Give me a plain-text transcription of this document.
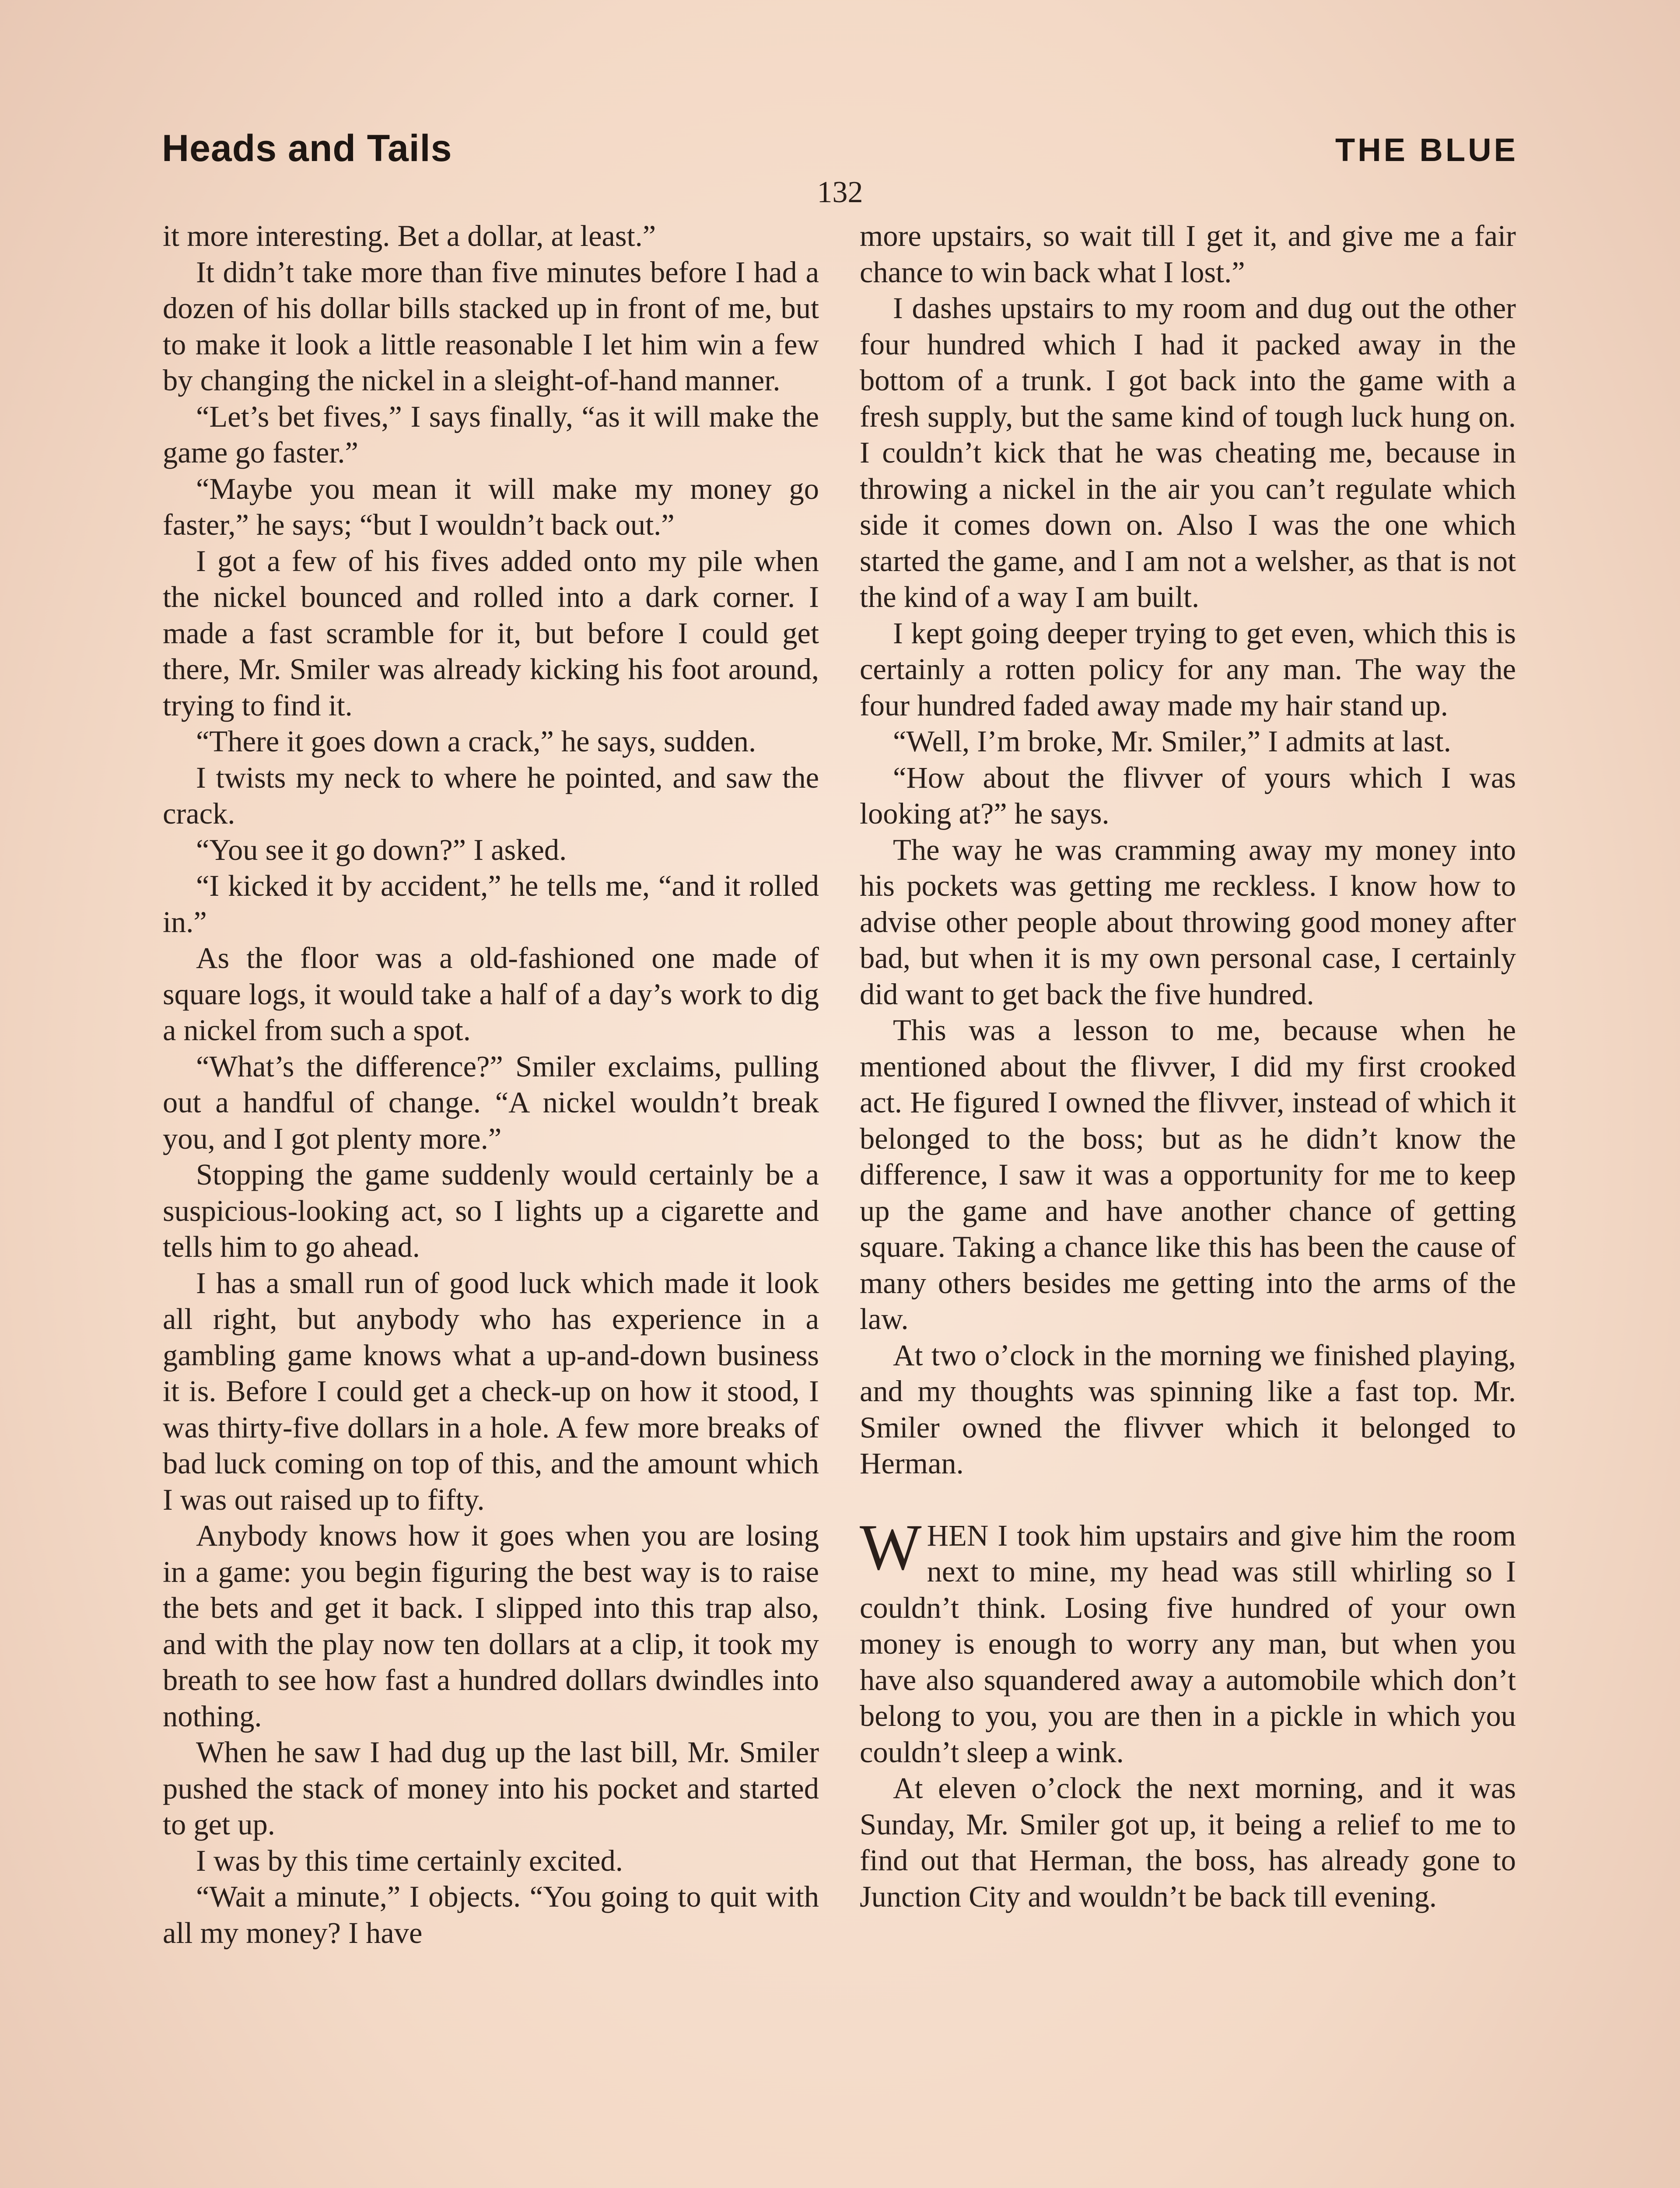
Heads and Tails	THE BLUE
132

it more interesting. Bet a dollar, at least.”

It didn’t take more than five minutes before I had a dozen of his dollar bills stacked up in front of me, but to make it look a little reasonable I let him win a few by changing the nickel in a sleight-of-hand manner.

“Let’s bet fives,” I says finally, “as it will make the game go faster.”

“Maybe you mean it will make my money go faster,” he says; “but I wouldn’t back out.”

I got a few of his fives added onto my pile when the nickel bounced and rolled into a dark corner. I made a fast scramble for it, but before I could get there, Mr. Smiler was already kicking his foot around, trying to find it.

“There it goes down a crack,” he says, sudden.

I twists my neck to where he pointed, and saw the crack.

“You see it go down?” I asked.

“I kicked it by accident,” he tells me, “and it rolled in.”

As the floor was a old-fashioned one made of square logs, it would take a half of a day’s work to dig a nickel from such a spot.

“What’s the difference?” Smiler exclaims, pulling out a handful of change. “A nickel wouldn’t break you, and I got plenty more.”

Stopping the game suddenly would certainly be a suspicious-looking act, so I lights up a cigarette and tells him to go ahead.

I has a small run of good luck which made it look all right, but anybody who has experience in a gambling game knows what a up-and-down business it is. Before I could get a check-up on how it stood, I was thirty-five dollars in a hole. A few more breaks of bad luck coming on top of this, and the amount which I was out raised up to fifty.

Anybody knows how it goes when you are losing in a game: you begin figuring the best way is to raise the bets and get it back. I slipped into this trap also, and with the play now ten dollars at a clip, it took my breath to see how fast a hundred dollars dwindles into nothing.

When he saw I had dug up the last bill, Mr. Smiler pushed the stack of money into his pocket and started to get up.

I was by this time certainly excited.

“Wait a minute,” I objects. “You going to quit with all my money? I have

more upstairs, so wait till I get it, and give me a fair chance to win back what I lost.”

I dashes upstairs to my room and dug out the other four hundred which I had it packed away in the bottom of a trunk. I got back into the game with a fresh supply, but the same kind of tough luck hung on. I couldn’t kick that he was cheating me, because in throwing a nickel in the air you can’t regulate which side it comes down on. Also I was the one which started the game, and I am not a welsher, as that is not the kind of a way I am built.

I kept going deeper trying to get even, which this is certainly a rotten policy for any man. The way the four hundred faded away made my hair stand up.

“Well, I’m broke, Mr. Smiler,” I admits at last.

“How about the flivver of yours which I was looking at?” he says.

The way he was cramming away my money into his pockets was getting me reckless. I know how to advise other people about throwing good money after bad, but when it is my own personal case, I certainly did want to get back the five hundred.

This was a lesson to me, because when he mentioned about the flivver, I did my first crooked act. He figured I owned the flivver, instead of which it belonged to the boss; but as he didn’t know the difference, I saw it was a opportunity for me to keep up the game and have another chance of getting square. Taking a chance like this has been the cause of many others besides me getting into the arms of the law.

At two o’clock in the morning we finished playing, and my thoughts was spinning like a fast top. Mr. Smiler owned the flivver which it belonged to Herman.

WHEN I took him upstairs and give him the room next to mine, my head was still whirling so I couldn’t think. Losing five hundred of your own money is enough to worry any man, but when you have also squandered away a automobile which don’t belong to you, you are then in a pickle in which you couldn’t sleep a wink.

At eleven o’clock the next morning, and it was Sunday, Mr. Smiler got up, it being a relief to me to find out that Herman, the boss, has already gone to Junction City and wouldn’t be back till evening.
